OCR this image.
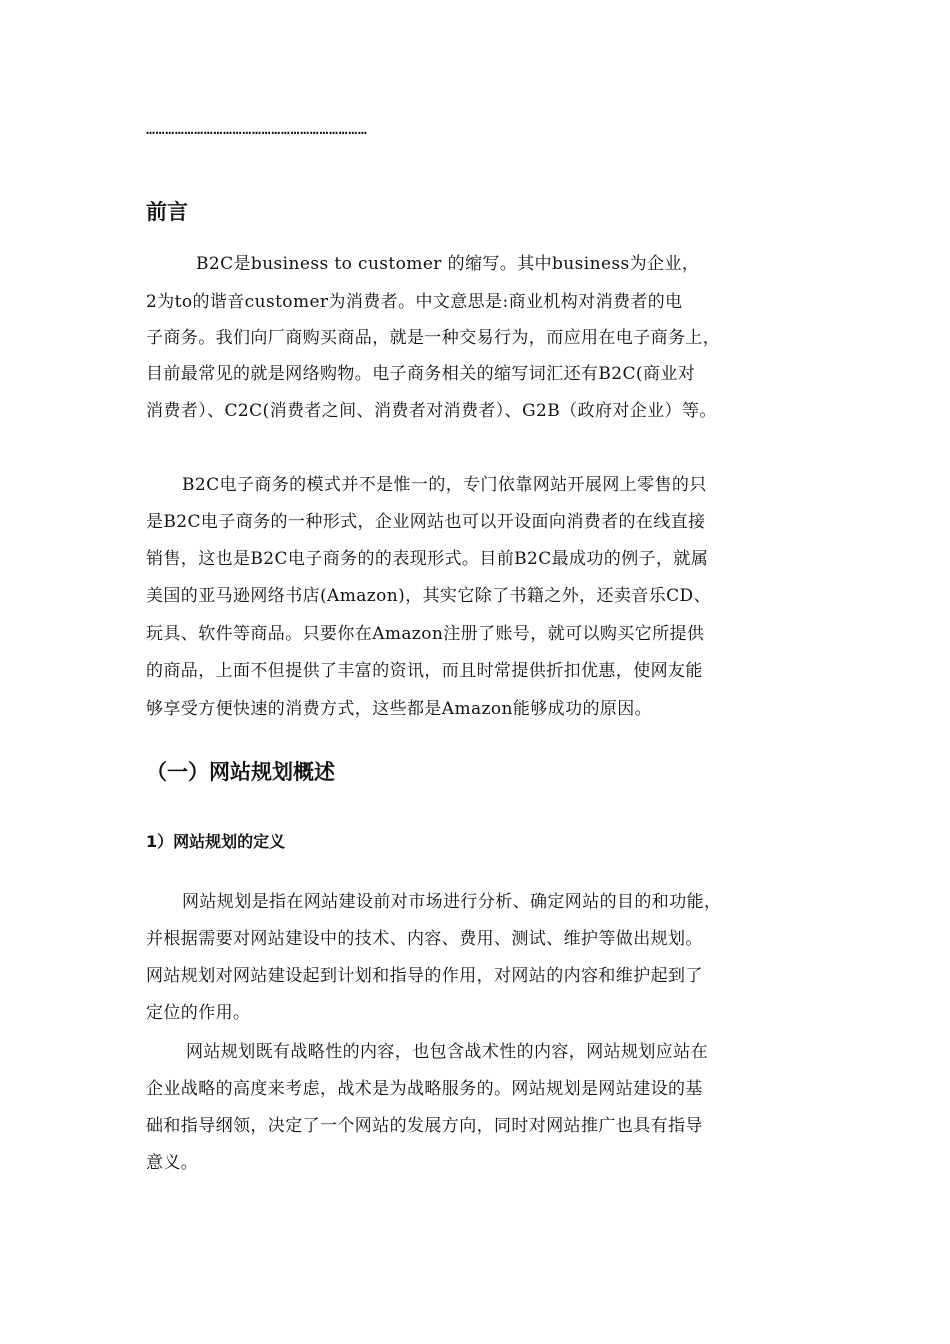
……………………………………………………………
前言
B2C是business to customer 的缩写。其中business为企业，
2为to的谐音customer为消费者。中文意思是:商业机构对消费者的电
子商务。我们向厂商购买商品，就是一种交易行为，而应用在电子商务上，
目前最常见的就是网络购物。电子商务相关的缩写词汇还有B2C(商业对
消费者）、C2C(消费者之间、消费者对消费者）、G2B（政府对企业）等。
B2C电子商务的模式并不是惟一的，专门依靠网站开展网上零售的只
是B2C电子商务的一种形式，企业网站也可以开设面向消费者的在线直接
销售，这也是B2C电子商务的的表现形式。目前B2C最成功的例子，就属
美国的亚马逊网络书店(Amazon)，其实它除了书籍之外，还卖音乐CD、
玩具、软件等商品。只要你在Amazon注册了账号，就可以购买它所提供
的商品，上面不但提供了丰富的资讯，而且时常提供折扣优惠，使网友能
够享受方便快速的消费方式，这些都是Amazon能够成功的原因。
（一）网站规划概述
1）网站规划的定义
网站规划是指在网站建设前对市场进行分析、确定网站的目的和功能，
并根据需要对网站建设中的技术、内容、费用、测试、维护等做出规划。
网站规划对网站建设起到计划和指导的作用，对网站的内容和维护起到了
定位的作用。
网站规划既有战略性的内容，也包含战术性的内容，网站规划应站在
企业战略的高度来考虑，战术是为战略服务的。网站规划是网站建设的基
础和指导纲领，决定了一个网站的发展方向，同时对网站推广也具有指导
意义。
